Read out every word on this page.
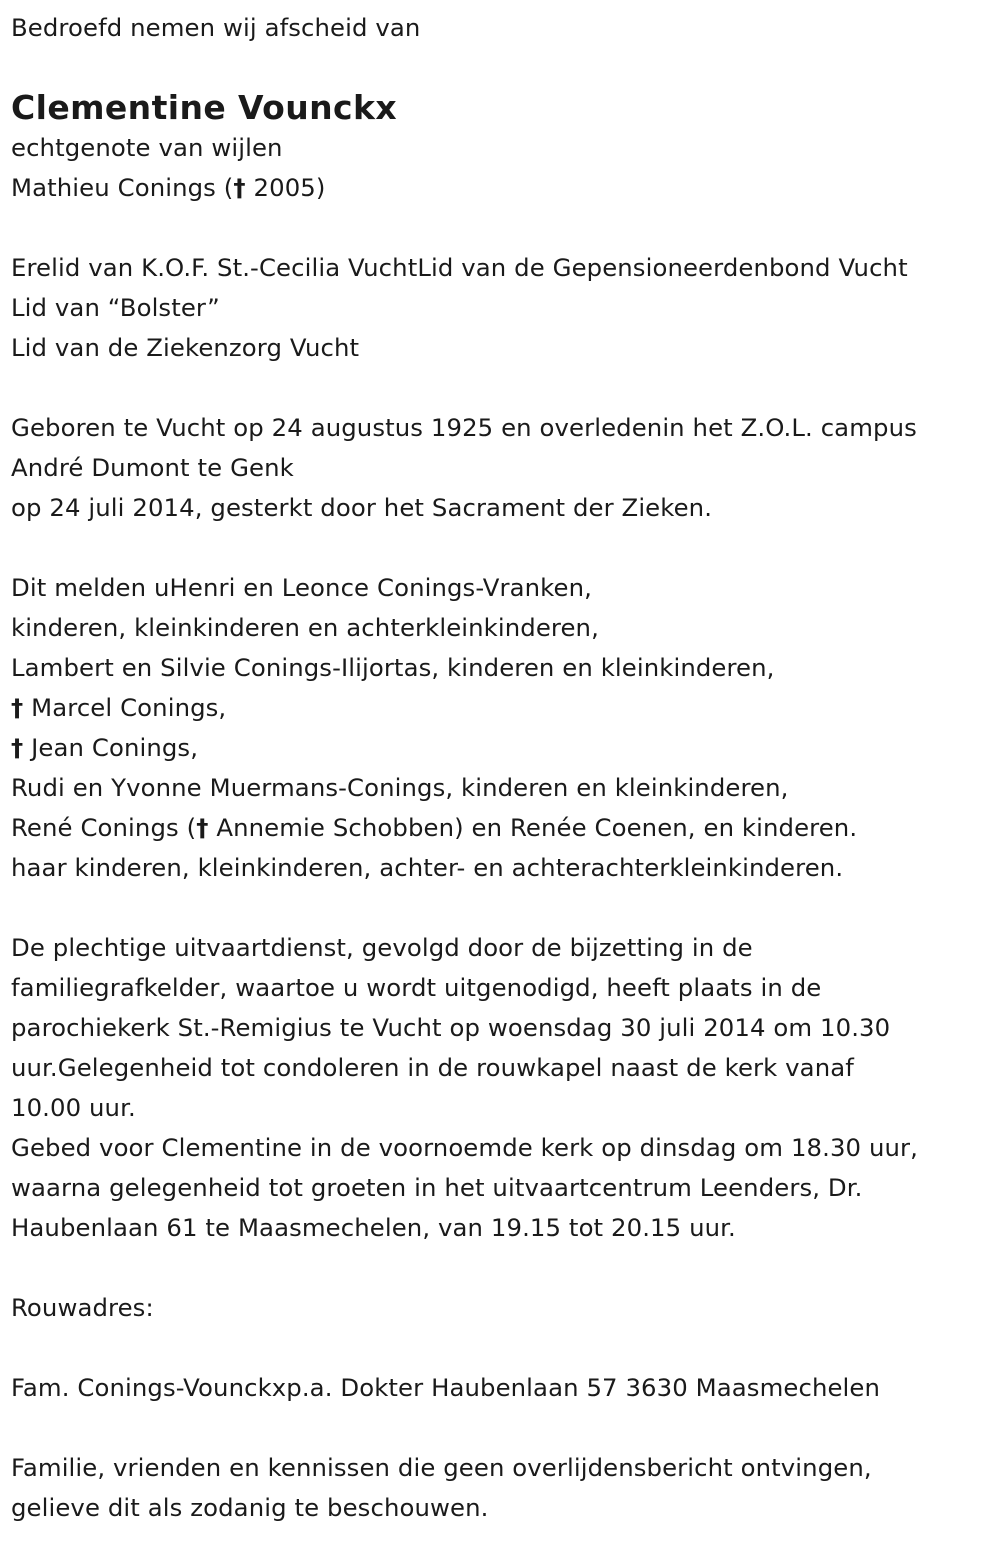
Bedroefd nemen wij afscheid van
Clementine Vounckx
echtgenote van wijlen
Mathieu Conings († 2005)
Erelid van K.O.F. St.-Cecilia VuchtLid van de Gepensioneerdenbond Vucht
Lid van “Bolster”
Lid van de Ziekenzorg Vucht
Geboren te Vucht op 24 augustus 1925 en overledenin het Z.O.L. campus
André Dumont te Genk
op 24 juli 2014, gesterkt door het Sacrament der Zieken.
Dit melden uHenri en Leonce Conings-Vranken,
kinderen, kleinkinderen en achterkleinkinderen,
Lambert en Silvie Conings-Ilijortas, kinderen en kleinkinderen,
† Marcel Conings,
† Jean Conings,
Rudi en Yvonne Muermans-Conings, kinderen en kleinkinderen,
René Conings († Annemie Schobben) en Renée Coenen, en kinderen.
haar kinderen, kleinkinderen, achter- en achterachterkleinkinderen.
De plechtige uitvaartdienst, gevolgd door de bijzetting in de
familiegrafkelder, waartoe u wordt uitgenodigd, heeft plaats in de
parochiekerk St.-Remigius te Vucht op woensdag 30 juli 2014 om 10.30
uur.Gelegenheid tot condoleren in de rouwkapel naast de kerk vanaf
10.00 uur.
Gebed voor Clementine in de voornoemde kerk op dinsdag om 18.30 uur,
waarna gelegenheid tot groeten in het uitvaartcentrum Leenders, Dr.
Haubenlaan 61 te Maasmechelen, van 19.15 tot 20.15 uur.
Rouwadres:
Fam. Conings-Vounckxp.a. Dokter Haubenlaan 57 3630 Maasmechelen
Familie, vrienden en kennissen die geen overlijdensbericht ontvingen,
gelieve dit als zodanig te beschouwen.
